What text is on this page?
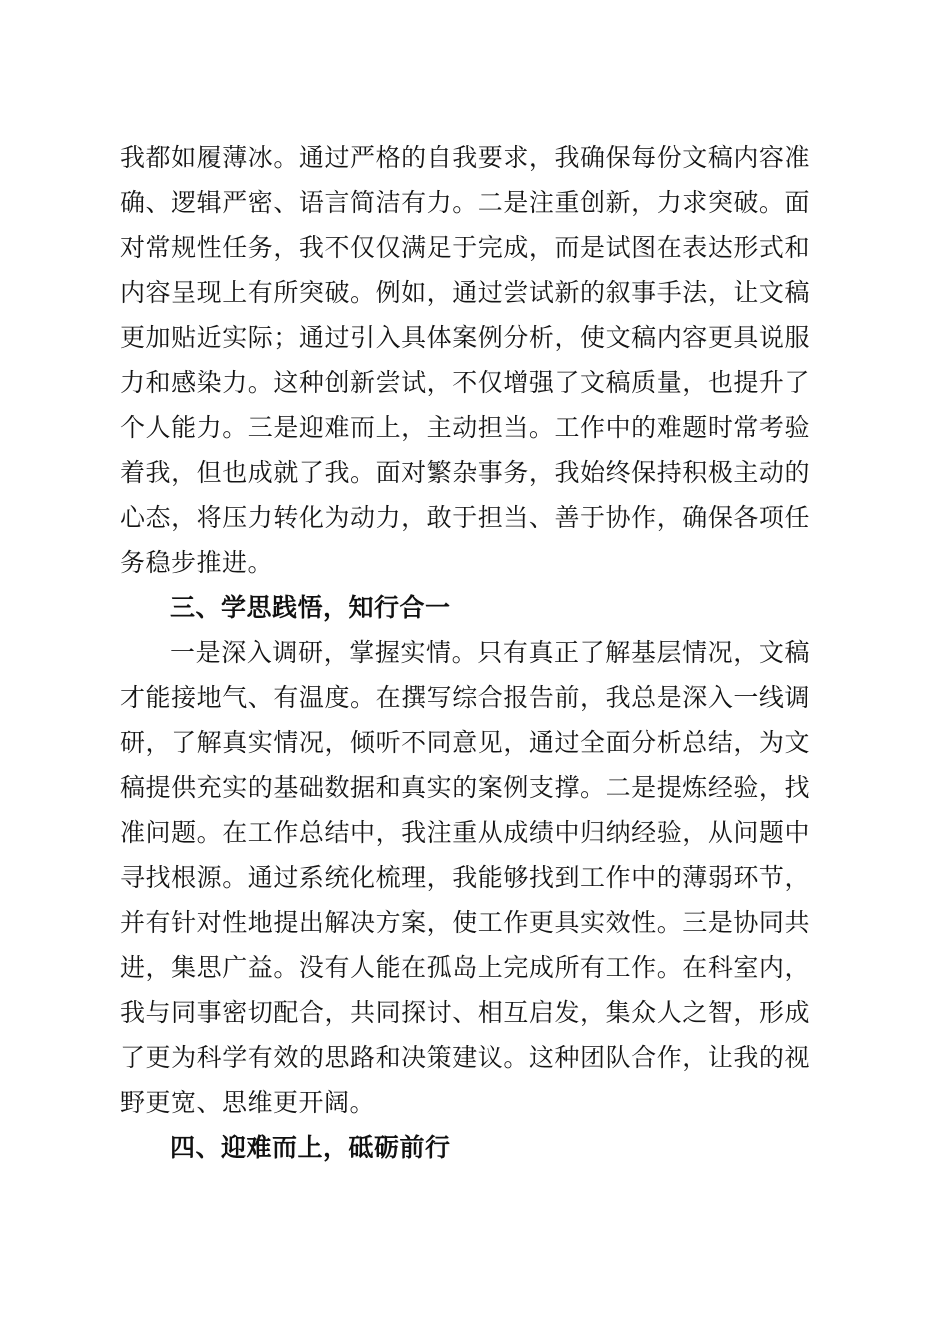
我都如履薄冰。通过严格的自我要求，我确保每份文稿内容准
确、逻辑严密、语言简洁有力。二是注重创新，力求突破。面
对常规性任务，我不仅仅满足于完成，而是试图在表达形式和
内容呈现上有所突破。例如，通过尝试新的叙事手法，让文稿
更加贴近实际；通过引入具体案例分析，使文稿内容更具说服
力和感染力。这种创新尝试，不仅增强了文稿质量，也提升了
个人能力。三是迎难而上，主动担当。工作中的难题时常考验
着我，但也成就了我。面对繁杂事务，我始终保持积极主动的
心态，将压力转化为动力，敢于担当、善于协作，确保各项任
务稳步推进。
三、学思践悟，知行合一
一是深入调研，掌握实情。只有真正了解基层情况，文稿
才能接地气、有温度。在撰写综合报告前，我总是深入一线调
研，了解真实情况，倾听不同意见，通过全面分析总结，为文
稿提供充实的基础数据和真实的案例支撑。二是提炼经验，找
准问题。在工作总结中，我注重从成绩中归纳经验，从问题中
寻找根源。通过系统化梳理，我能够找到工作中的薄弱环节，
并有针对性地提出解决方案，使工作更具实效性。三是协同共
进，集思广益。没有人能在孤岛上完成所有工作。在科室内，
我与同事密切配合，共同探讨、相互启发，集众人之智，形成
了更为科学有效的思路和决策建议。这种团队合作，让我的视
野更宽、思维更开阔。
四、迎难而上，砥砺前行
